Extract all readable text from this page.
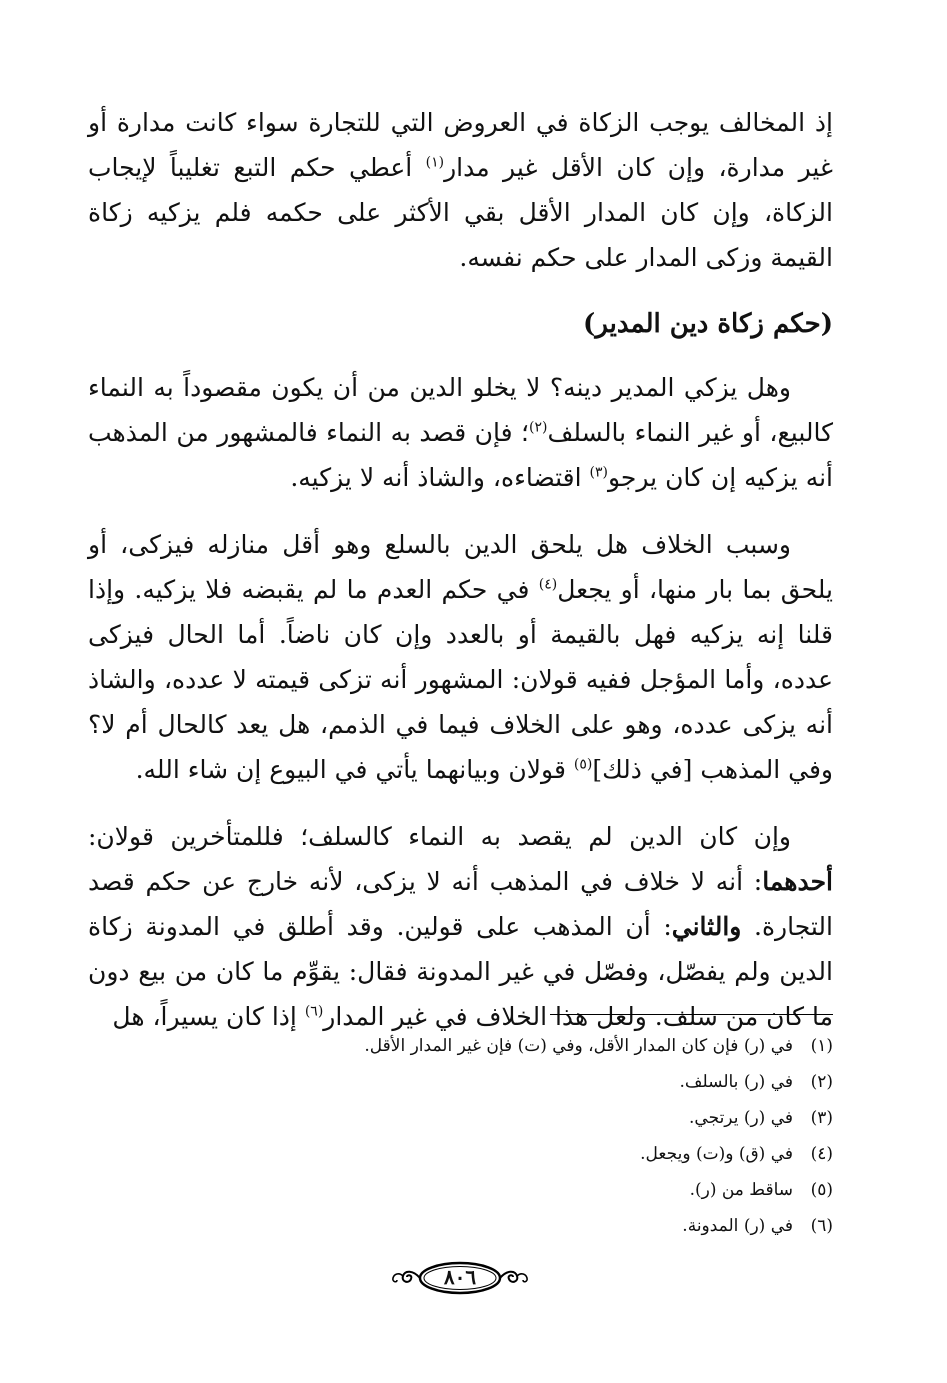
إذ المخالف يوجب الزكاة في العروض التي للتجارة سواء كانت مدارة أو غير مدارة، وإن كان الأقل غير مدار$^{(١)}$ أعطي حكم التبع تغليباً لإيجاب الزكاة، وإن كان المدار الأقل بقي الأكثر على حكمه فلم يزكيه زكاة القيمة وزكى المدار على حكم نفسه.

(حكم زكاة دين المدير)

وهل يزكي المدير دينه؟ لا يخلو الدين من أن يكون مقصوداً به النماء كالبيع، أو غير النماء بالسلف$^{(٢)}$؛ فإن قصد به النماء فالمشهور من المذهب أنه يزكيه إن كان يرجو$^{(٣)}$ اقتضاءه، والشاذ أنه لا يزكيه.

وسبب الخلاف هل يلحق الدين بالسلع وهو أقل منازله فيزكى، أو يلحق بما بار منها، أو يجعل$^{(٤)}$ في حكم العدم ما لم يقبضه فلا يزكيه. وإذا قلنا إنه يزكيه فهل بالقيمة أو بالعدد وإن كان ناضاً. أما الحال فيزكى عدده، وأما المؤجل ففيه قولان: المشهور أنه تزكى قيمته لا عدده، والشاذ أنه يزكى عدده، وهو على الخلاف فيما في الذمم، هل يعد كالحال أم لا؟ وفي المذهب [في ذلك]$^{(٥)}$ قولان وبيانهما يأتي في البيوع إن شاء الله.

وإن كان الدين لم يقصد به النماء كالسلف؛ فللمتأخرين قولان: أحدهما: أنه لا خلاف في المذهب أنه لا يزكى، لأنه خارج عن حكم قصد التجارة. والثاني: أن المذهب على قولين. وقد أطلق في المدونة زكاة الدين ولم يفصّل، وفصّل في غير المدونة فقال: يقوِّم ما كان من بيع دون ما كان من سلف. ولعل هذا الخلاف في غير المدار$^{(٦)}$ إذا كان يسيراً، هل

(١)في (ر) فإن كان المدار الأقل، وفي (ت) فإن غير المدار الأقل.

(٢)في (ر) بالسلف.

(٣)في (ر) يرتجي.

(٤)في (ق) و(ت) ويجعل.

(٥)ساقط من (ر).

(٦)في (ر) المدونة.

٨٠٦
